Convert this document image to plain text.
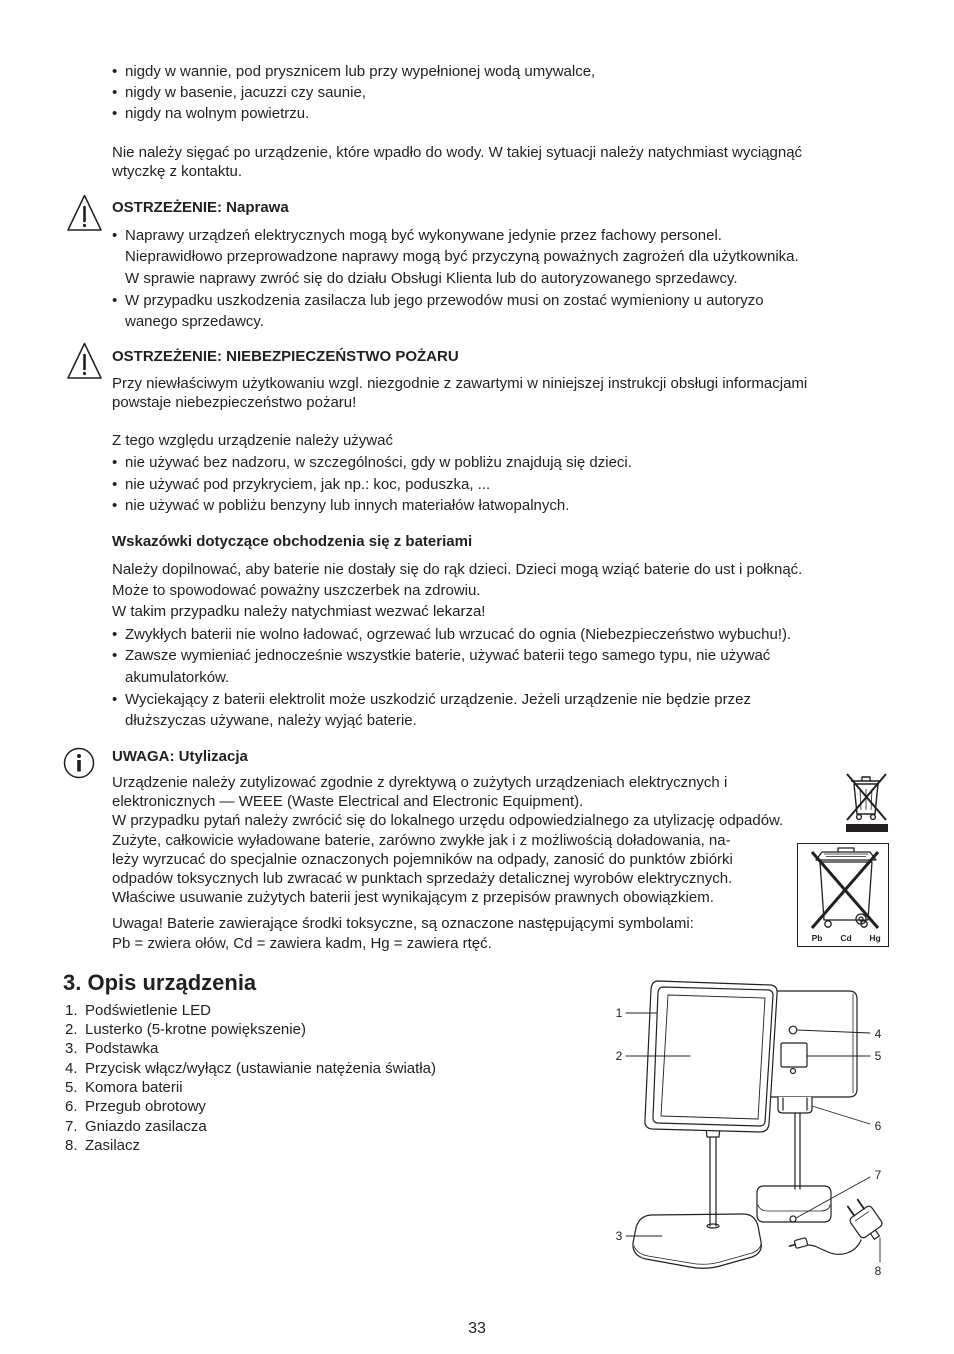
• nigdy w wannie, pod prysznicem lub przy wypełnionej wodą umywalce,
• nigdy w basenie, jacuzzi czy saunie,
• nigdy na wolnym powietrzu.
Nie należy sięgać po urządzenie, które wpadło do wody. W takiej sytuacji należy natychmiast wyciągnąć
wtyczkę z kontaktu.
OSTRZEŻENIE: Naprawa
• Naprawy urządzeń elektrycznych mogą być wykonywane jedynie przez fachowy personel.
Nieprawidłowo przeprowadzone naprawy mogą być przyczyną poważnych zagrożeń dla użytkownika.
W sprawie naprawy zwróć się do działu Obsługi Klienta lub do autoryzowanego sprzedawcy.
• W przypadku uszkodzenia zasilacza lub jego przewodów musi on zostać wymieniony u autoryzo
wanego sprzedawcy.
OSTRZEŻENIE: NIEBEZPIECZEŃSTWO POŻARU
Przy niewłaściwym użytkowaniu wzgl. niezgodnie z zawartymi w niniejszej instrukcji obsługi informacjami
powstaje niebezpieczeństwo pożaru!
Z tego względu urządzenie należy używać
• nie używać bez nadzoru, w szczególności, gdy w pobliżu znajdują się dzieci.
• nie używać pod przykryciem, jak np.: koc, poduszka, ...
• nie używać w pobliżu benzyny lub innych materiałów łatwopalnych.
Wskazówki dotyczące obchodzenia się z bateriami
Należy dopilnować, aby baterie nie dostały się do rąk dzieci. Dzieci mogą wziąć baterie do ust i połknąć.
Może to spowodować poważny uszczerbek na zdrowiu.
W takim przypadku należy natychmiast wezwać lekarza!
• Zwykłych baterii nie wolno ładować, ogrzewać lub wrzucać do ognia (Niebezpieczeństwo wybuchu!).
• Zawsze wymieniać jednocześnie wszystkie baterie, używać baterii tego samego typu, nie używać
akumulatorków.
• Wyciekający z baterii elektrolit może uszkodzić urządzenie. Jeżeli urządzenie nie będzie przez
dłuższyczas używane, należy wyjąć baterie.
UWAGA: Utylizacja
Urządzenie należy zutylizować zgodnie z dyrektywą o zużytych urządzeniach elektrycznych i
elektronicznych — WEEE (Waste Electrical and Electronic Equipment).
W przypadku pytań należy zwrócić się do lokalnego urzędu odpowiedzialnego za utylizację odpadów.
Zużyte, całkowicie wyładowane baterie, zarówno zwykłe jak i z możliwością doładowania, na-
leży wyrzucać do specjalnie oznaczonych pojemników na odpady, zanosić do punktów zbiórki
odpadów toksycznych lub zwracać w punktach sprzedaży detalicznej wyrobów elektrycznych.
Właściwe usuwanie zużytych baterii jest wynikającym z przepisów prawnych obowiązkiem.
Uwaga! Baterie zawierające środki toksyczne, są oznaczone następującymi symbolami:
Pb = zwiera ołów, Cd = zawiera kadm, Hg = zawiera rtęć.	Pb Cd Hg
3. Opis urządzenia
1. Podświetlenie LED
2. Lusterko (5-krotne powiększenie)
3. Podstawka
4. Przycisk włącz/wyłącz (ustawianie natężenia światła)
5. Komora baterii
6. Przegub obrotowy
7. Gniazdo zasilacza
8. Zasilacz
1
2
3
4
5
6
7
8
33
